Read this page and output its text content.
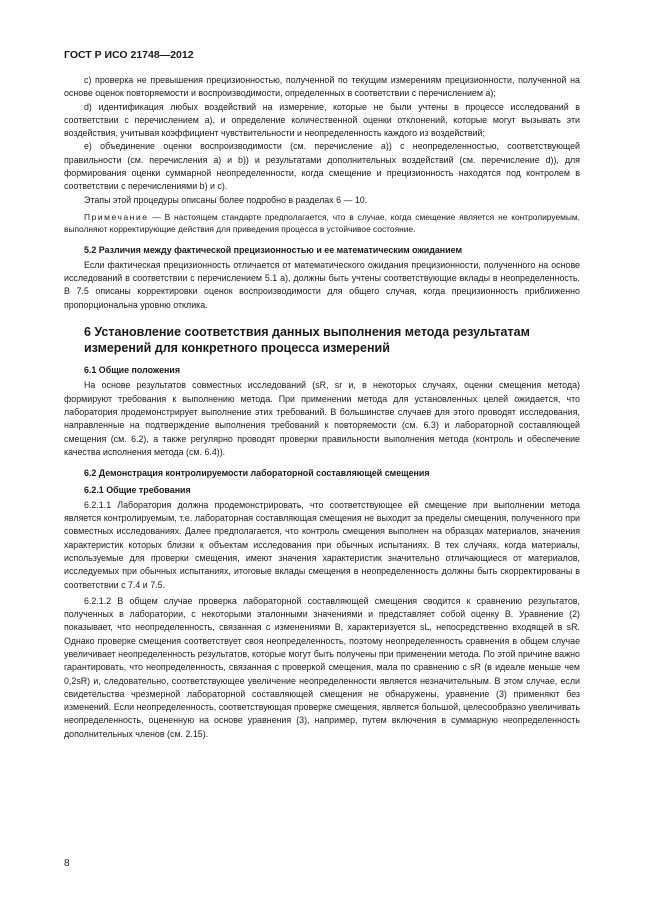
ГОСТ Р ИСО 21748—2012

c) проверка не превышения прецизионностью, полученной по текущим измерениям прецизионности, полученной на основе оценок повторяемости и воспроизводимости, определенных в соответствии с перечислением а);

d) идентификация любых воздействий на измерение, которые не были учтены в процессе исследований в соответствии с перечислением а), и определение количественной оценки отклонений, которые могут вызывать эти воздействия, учитывая коэффициент чувствительности и неопределенность каждого из воздействий;

e) объединение оценки воспроизводимости (см. перечисление а)) с неопределенностью, соответствующей правильности (см. перечисления а) и b)) и результатами дополнительных воздействий (см. перечисление d)), для формирования оценки суммарной неопределенности, когда смещение и прецизионность находятся под контролем в соответствии с перечислениями b) и c).

Этапы этой процедуры описаны более подробно в разделах 6 — 10.

Примечание — В настоящем стандарте предполагается, что в случае, когда смещение является не контролируемым, выполняют корректирующие действия для приведения процесса в устойчивое состояние.

5.2 Различия между фактической прецизионностью и ее математическим ожиданием

Если фактическая прецизионность отличается от математического ожидания прецизионности, полученного на основе исследований в соответствии с перечислением 5.1 а), должны быть учтены соответствующие вклады в неопределенность. В 7.5 описаны корректировки оценок воспроизводимости для общего случая, когда прецизионность приближенно пропорциональна уровню отклика.

6 Установление соответствия данных выполнения метода результатам измерений для конкретного процесса измерений
6.1 Общие положения

На основе результатов совместных исследований (sR, sr и, в некоторых случаях, оценки смещения метода) формируют требования к выполнению метода. При применении метода для установленных целей ожидается, что лаборатория продемонстрирует выполнение этих требований. В большинстве случаев для этого проводят исследования, направленные на подтверждение выполнения требований к повторяемости (см. 6.3) и лабораторной составляющей смещения (см. 6.2), а также регулярно проводят проверки правильности выполнения метода (контроль и обеспечение качества исполнения метода (см. 6.4)).

6.2 Демонстрация контролируемости лабораторной составляющей смещения
6.2.1 Общие требования

6.2.1.1 Лаборатория должна продемонстрировать, что соответствующее ей смещение при выполнении метода является контролируемым, т.е. лабораторная составляющая смещения не выходит за пределы смещения, полученного при совместных исследованиях. Далее предполагается, что контроль смещения выполнен на образцах материалов, значения характеристик которых близки к объектам исследования при обычных испытаниях. В тех случаях, когда материалы, используемые для проверки смещения, имеют значения характеристик значительно отличающиеся от материалов, исследуемых при обычных испытаниях, итоговые вклады смещения в неопределенность должны быть скорректированы в соответствии с 7.4 и 7.5.

6.2.1.2 В общем случае проверка лабораторной составляющей смещения сводится к сравнению результатов, полученных в лаборатории, с некоторыми эталонными значениями и представляет собой оценку B. Уравнение (2) показывает, что неопределенность, связанная с изменениями B, характеризуется sL, непосредственно входящей в sR. Однако проверке смещения соответствует своя неопределенность, поэтому неопределенность сравнения в общем случае увеличивает неопределенность результатов, которые могут быть получены при применении метода. По этой причине важно гарантировать, что неопределенность, связанная с проверкой смещения, мала по сравнению с sR (в идеале меньше чем 0,2sR) и, следовательно, соответствующее увеличение неопределенности является незначительным. В этом случае, если свидетельства чрезмерной лабораторной составляющей смещения не обнаружены, уравнение (3) применяют без изменений. Если неопределенность, соответствующая проверке смещения, является большой, целесообразно увеличивать неопределенность, оцененную на основе уравнения (3), например, путем включения в суммарную неопределенность дополнительных членов (см. 2.15).

8
